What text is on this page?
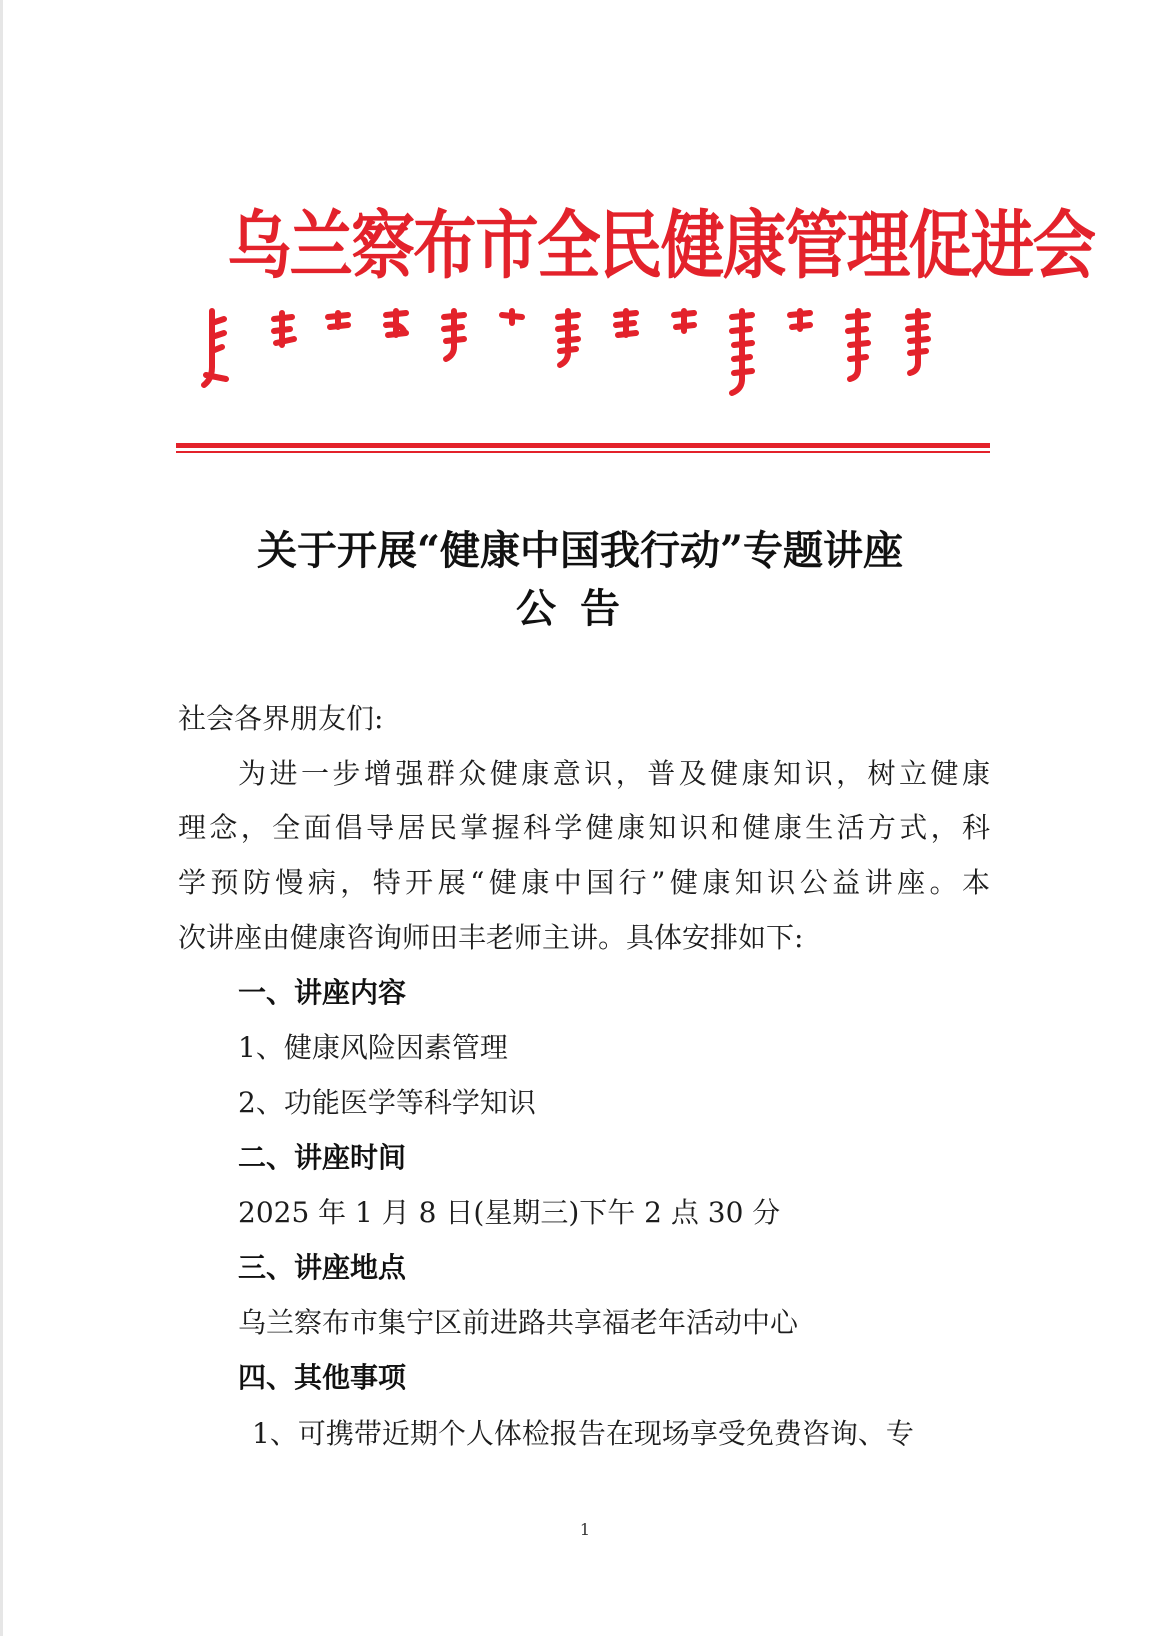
乌兰察布市全民健康管理促进会
关于开展“健康中国我行动”专题讲座
公告
社会各界朋友们:
为进一步增强群众健康意识，普及健康知识，树立健康
理念，全面倡导居民掌握科学健康知识和健康生活方式，科
学预防慢病，特开展“健康中国行”健康知识公益讲座。本
次讲座由健康咨询师田丰老师主讲。具体安排如下:
一、讲座内容
1、健康风险因素管理
2、功能医学等科学知识
二、讲座时间
2025 年 1 月 8 日(星期三)下午 2 点 30 分
三、讲座地点
乌兰察布市集宁区前进路共享福老年活动中心
四、其他事项
1、可携带近期个人体检报告在现场享受免费咨询、专
1
